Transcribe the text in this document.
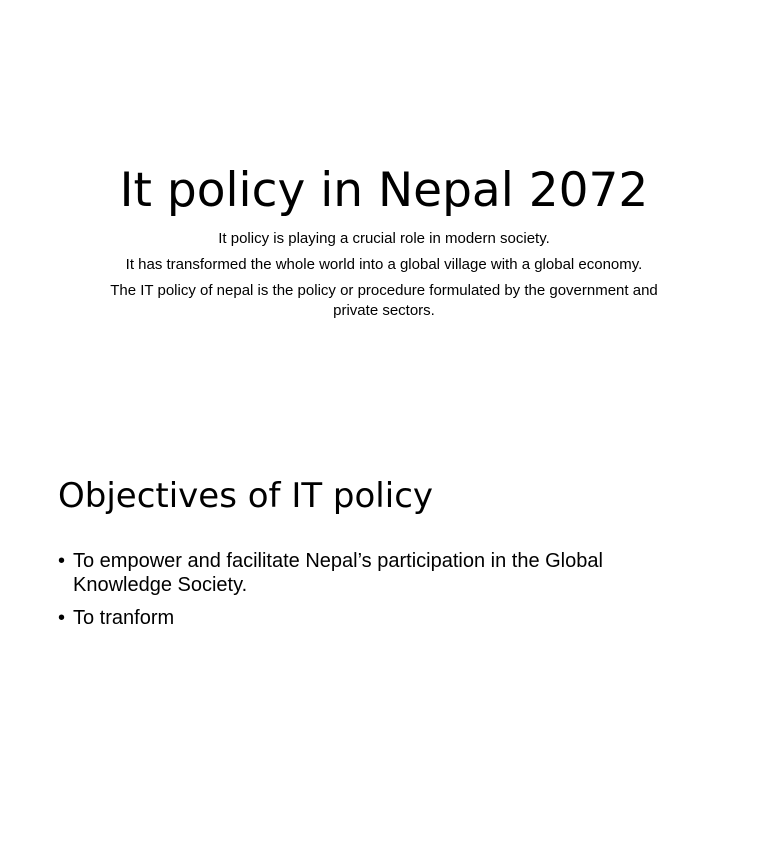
It policy in Nepal 2072

It policy is playing a crucial role in modern society.

It has transformed the whole world into a global village with a global economy.

The IT policy of nepal is the policy or procedure formulated by the government and private sectors.

Objectives of IT policy
• To empower and facilitate Nepal’s participation in the Global Knowledge Society.
• To tranform
